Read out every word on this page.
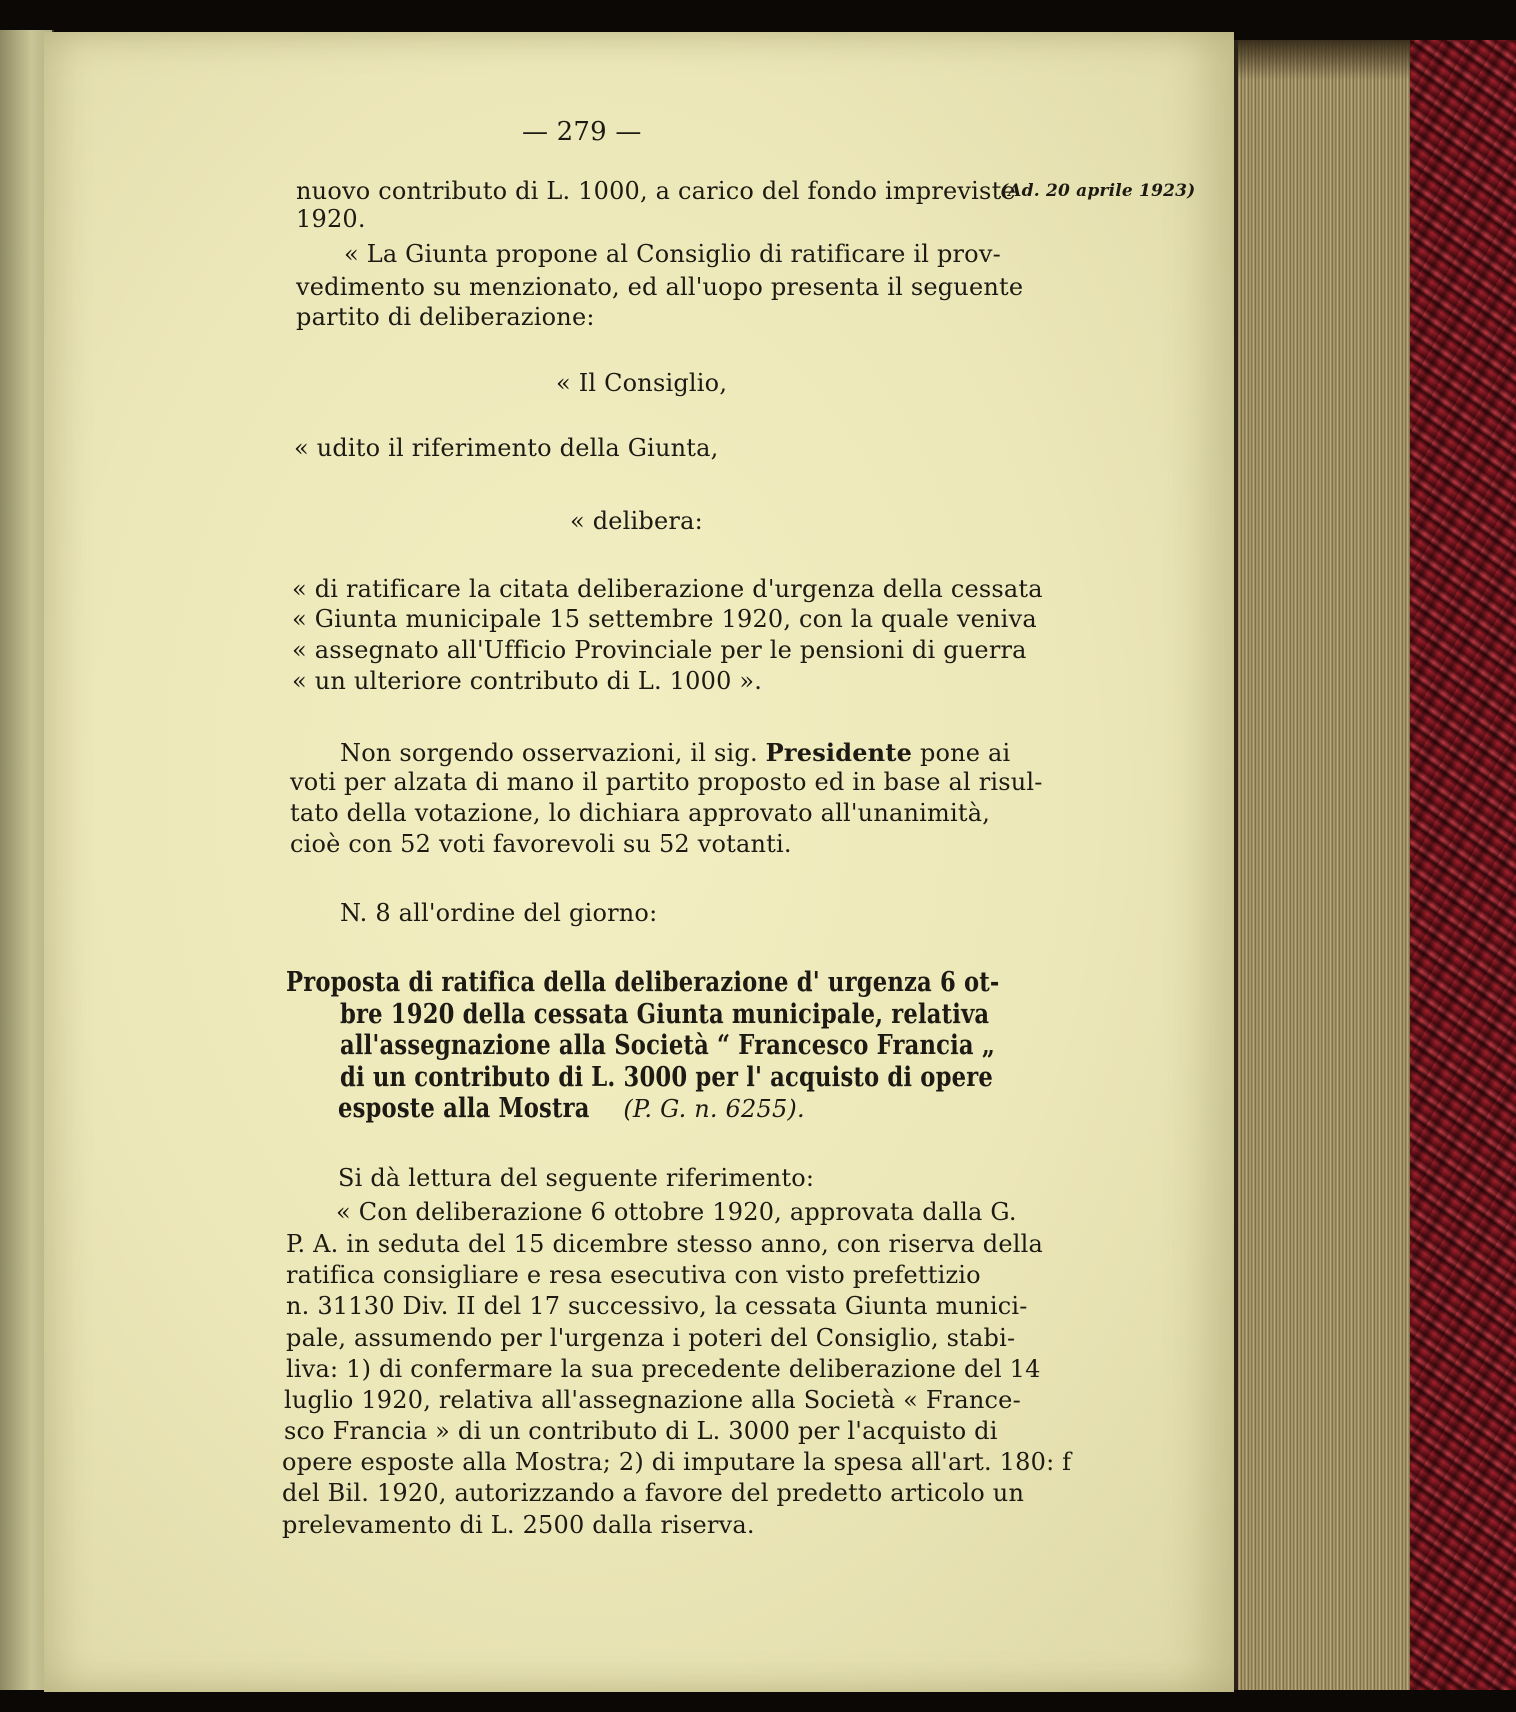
— 279 —
(Ad. 20 aprile 1923)
nuovo contributo di L. 1000, a carico del fondo impreviste
1920.
« La Giunta propone al Consiglio di ratificare il prov-
vedimento su menzionato, ed all'uopo presenta il seguente
partito di deliberazione:
« Il Consiglio,
« udito il riferimento della Giunta,
« delibera:
« di ratificare la citata deliberazione d'urgenza della cessata
« Giunta municipale 15 settembre 1920, con la quale veniva
« assegnato all'Ufficio Provinciale per le pensioni di guerra
« un ulteriore contributo di L. 1000 ».
Non sorgendo osservazioni, il sig. Presidente pone ai
voti per alzata di mano il partito proposto ed in base al risul-
tato della votazione, lo dichiara approvato all'unanimità,
cioè con 52 voti favorevoli su 52 votanti.
N. 8 all'ordine del giorno:
Proposta di ratifica della deliberazione d' urgenza 6 ot-
bre 1920 della cessata Giunta municipale, relativa
all'assegnazione alla Società “ Francesco Francia „
di un contributo di L. 3000 per l' acquisto di opere
esposte alla Mostra (P. G. n. 6255).
Si dà lettura del seguente riferimento:
« Con deliberazione 6 ottobre 1920, approvata dalla G.
P. A. in seduta del 15 dicembre stesso anno, con riserva della
ratifica consigliare e resa esecutiva con visto prefettizio
n. 31130 Div. II del 17 successivo, la cessata Giunta munici-
pale, assumendo per l'urgenza i poteri del Consiglio, stabi-
liva: 1) di confermare la sua precedente deliberazione del 14
luglio 1920, relativa all'assegnazione alla Società « France-
sco Francia » di un contributo di L. 3000 per l'acquisto di
opere esposte alla Mostra; 2) di imputare la spesa all'art. 180: f
del Bil. 1920, autorizzando a favore del predetto articolo un
prelevamento di L. 2500 dalla riserva.
